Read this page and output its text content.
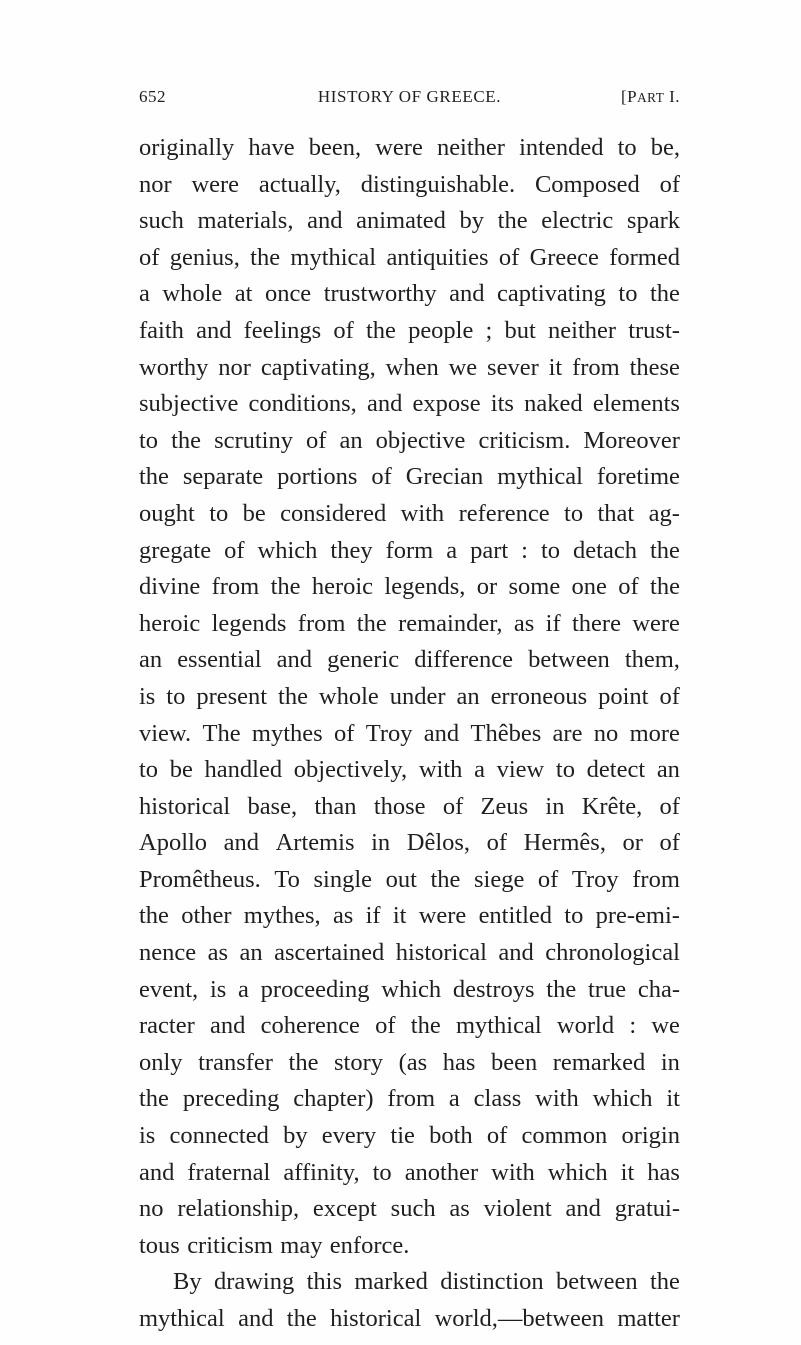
652	HISTORY OF GREECE.	[PART I.
originally have been, were neither intended to be,
nor were actually, distinguishable. Composed of
such materials, and animated by the electric spark
of genius, the mythical antiquities of Greece formed
a whole at once trustworthy and captivating to the
faith and feelings of the people ; but neither trust-
worthy nor captivating, when we sever it from these
subjective conditions, and expose its naked elements
to the scrutiny of an objective criticism. Moreover
the separate portions of Grecian mythical foretime
ought to be considered with reference to that ag-
gregate of which they form a part : to detach the
divine from the heroic legends, or some one of the
heroic legends from the remainder, as if there were
an essential and generic difference between them,
is to present the whole under an erroneous point of
view. The mythes of Troy and Thêbes are no more
to be handled objectively, with a view to detect an
historical base, than those of Zeus in Krête, of
Apollo and Artemis in Dêlos, of Hermês, or of
Promêtheus. To single out the siege of Troy from
the other mythes, as if it were entitled to pre-emi-
nence as an ascertained historical and chronological
event, is a proceeding which destroys the true cha-
racter and coherence of the mythical world : we
only transfer the story (as has been remarked in
the preceding chapter) from a class with which it
is connected by every tie both of common origin
and fraternal affinity, to another with which it has
no relationship, except such as violent and gratui-
tous criticism may enforce.
By drawing this marked distinction between the
mythical and the historical world,—between matter
